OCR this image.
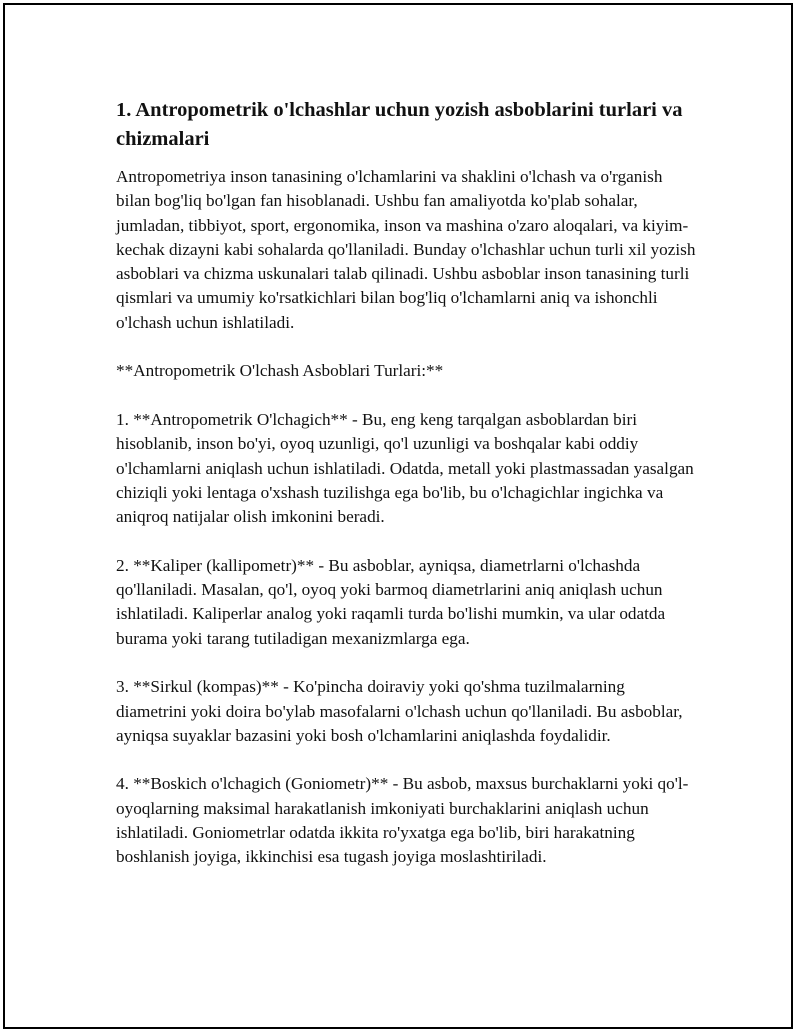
1. Antropometrik o'lchashlar uchun yozish asboblarini turlari va chizmalari

Antropometriya inson tanasining o'lchamlarini va shaklini o'lchash va o'rganish bilan bog'liq bo'lgan fan hisoblanadi. Ushbu fan amaliyotda ko'plab sohalar, jumladan, tibbiyot, sport, ergonomika, inson va mashina o'zaro aloqalari, va kiyim-kechak dizayni kabi sohalarda qo'llaniladi. Bunday o'lchashlar uchun turli xil yozish asboblari va chizma uskunalari talab qilinadi. Ushbu asboblar inson tanasining turli qismlari va umumiy ko'rsatkichlari bilan bog'liq o'lchamlarni aniq va ishonchli o'lchash uchun ishlatiladi.

**Antropometrik O'lchash Asboblari Turlari:**

1. **Antropometrik O'lchagich** - Bu, eng keng tarqalgan asboblardan biri hisoblanib, inson bo'yi, oyoq uzunligi, qo'l uzunligi va boshqalar kabi oddiy o'lchamlarni aniqlash uchun ishlatiladi. Odatda, metall yoki plastmassadan yasalgan chiziqli yoki lentaga o'xshash tuzilishga ega bo'lib, bu o'lchagichlar ingichka va aniqroq natijalar olish imkonini beradi.

2. **Kaliper (kallipometr)** - Bu asboblar, ayniqsa, diametrlarni o'lchashda qo'llaniladi. Masalan, qo'l, oyoq yoki barmoq diametrlarini aniq aniqlash uchun ishlatiladi. Kaliperlar analog yoki raqamli turda bo'lishi mumkin, va ular odatda burama yoki tarang tutiladigan mexanizmlarga ega.

3. **Sirkul (kompas)** - Ko'pincha doiraviy yoki qo'shma tuzilmalarning diametrini yoki doira bo'ylab masofalarni o'lchash uchun qo'llaniladi. Bu asboblar, ayniqsa suyaklar bazasini yoki bosh o'lchamlarini aniqlashda foydalidir.

4. **Boskich o'lchagich (Goniometr)** - Bu asbob, maxsus burchaklarni yoki qo'l-oyoqlarning maksimal harakatlanish imkoniyati burchaklarini aniqlash uchun ishlatiladi. Goniometrlar odatda ikkita ro'yxatga ega bo'lib, biri harakatning boshlanish joyiga, ikkinchisi esa tugash joyiga moslashtiriladi.
